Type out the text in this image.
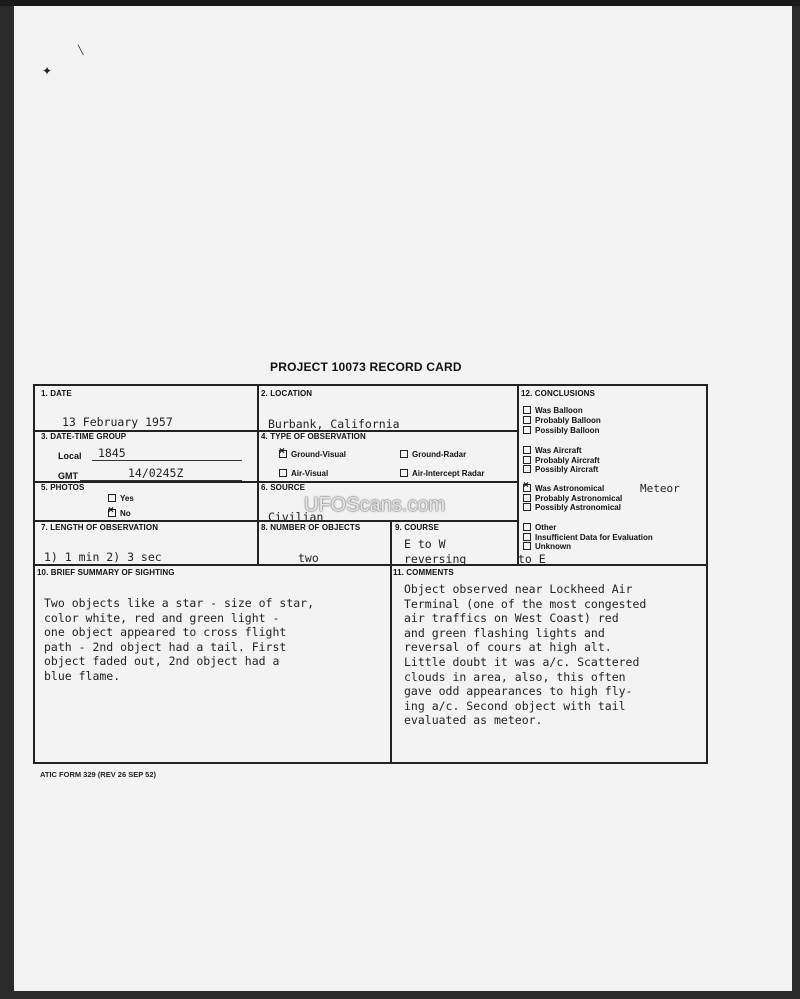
✦
╲
PROJECT 10073 RECORD CARD
1. DATE
13 February 1957
2. LOCATION
Burbank, California
3. DATE-TIME GROUP
Local 1845
GMT	14/0245Z
4. TYPE OF OBSERVATION
×Ground-Visual	Ground-Radar
Air-Visual	Air-Intercept Radar
5. PHOTOS
Yes
×No
6. SOURCE
Civilian
7. LENGTH OF OBSERVATION
1) 1 min 2) 3 sec
8. NUMBER OF OBJECTS
two
9. COURSE
E to W
reversing	to E
12. CONCLUSIONS
Was Balloon
Probably Balloon
Possibly Balloon
Was Aircraft
Probably Aircraft
Possibly Aircraft
×Was Astronomical
Probably Astronomical
Possibly Astronomical
Other
Insufficient Data for Evaluation
Unknown
Meteor
10. BRIEF SUMMARY OF SIGHTING
Two objects like a star - size of star,
color white, red and green light -
one object appeared to cross flight
path - 2nd object had a tail. First
object faded out, 2nd object had a
blue flame.
11. COMMENTS
Object observed near Lockheed Air
Terminal (one of the most congested
air traffics on West Coast) red
and green flashing lights and
reversal of cours at high alt.
Little doubt it was a/c. Scattered
clouds in area, also, this often
gave odd appearances to high fly-
ing a/c. Second object with tail
evaluated as meteor.
ATIC FORM 329 (REV 26 SEP 52)
UFOScans.com
